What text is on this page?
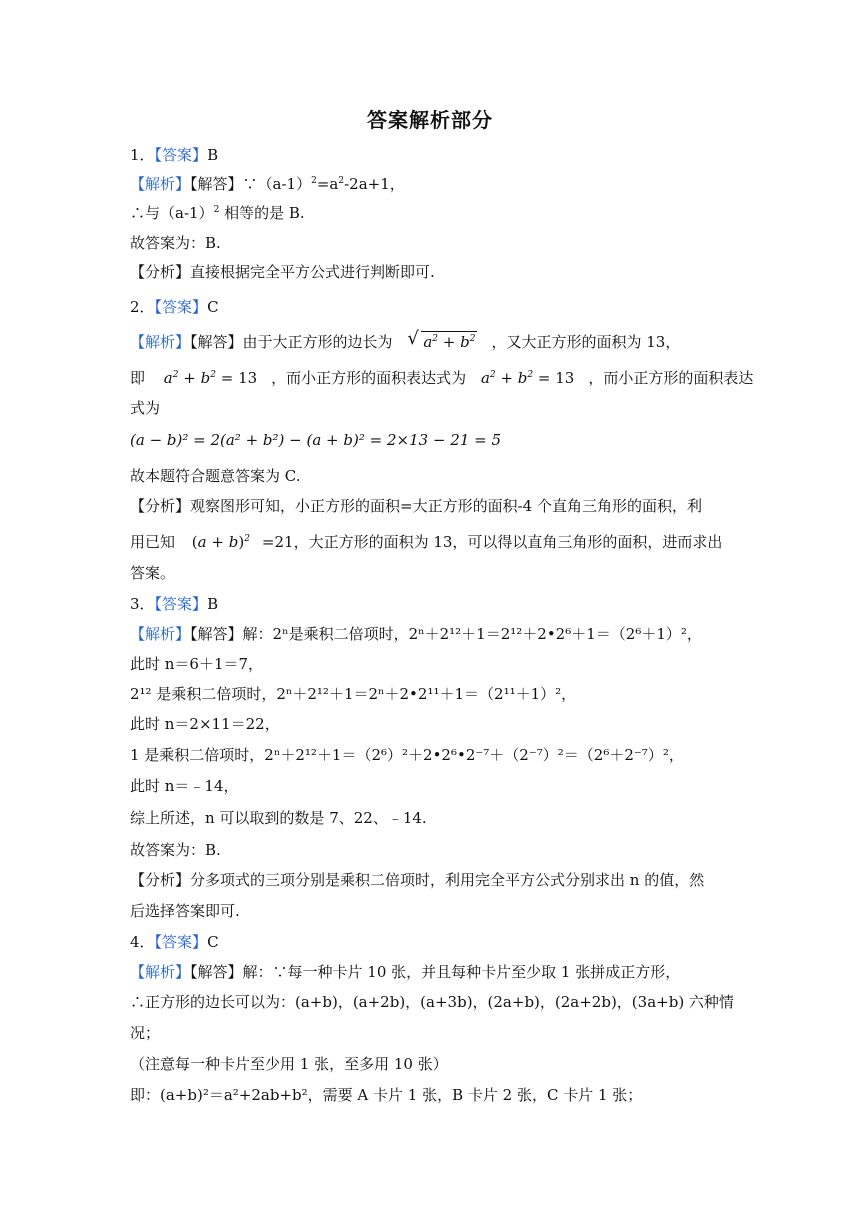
答案解析部分
1．【答案】B
【解析】【解答】$\because(a-1)^2=a^2-2a+1$，
∴与$(a-1)^2$ 相等的是 B.
故答案为：B.
【分析】直接根据完全平方公式进行判断即可.
2．【答案】C
【解析】【解答】由于大正方形的边长为 √ $a^2 + b^2$ ，又大正方形的面积为 13，
即 $a^2 + b^2 = 13$ ，而小正方形的面积表达式为 $a^2 + b^2 = 13$ ，而小正方形的面积表达
式为
(a − b)² = 2(a² + b²) − (a + b)² = 2×13 − 21 = 5
故本题符合题意答案为 C.
【分析】观察图形可知，小正方形的面积=大正方形的面积-4 个直角三角形的面积，利
用已知 $(a + b)^2 =21$，大正方形的面积为 13，可以得以直角三角形的面积，进而求出
答案。
3．【答案】B
【解析】【解答】解：2ⁿ是乘积二倍项时，2ⁿ＋2¹²＋1＝2¹²＋2•2⁶＋1＝（2⁶＋1）²，
此时 n＝6＋1＝7，
2¹² 是乘积二倍项时，2ⁿ＋2¹²＋1＝2ⁿ＋2•2¹¹＋1＝（2¹¹＋1）²，
此时 n＝2×11＝22，
1 是乘积二倍项时，2ⁿ＋2¹²＋1＝（2⁶）²＋2•2⁶•2⁻⁷＋（2⁻⁷）²＝（2⁶＋2⁻⁷）²，
此时 n＝﹣14，
综上所述，n 可以取到的数是 7、22、﹣14.
故答案为：B.
【分析】分多项式的三项分别是乘积二倍项时，利用完全平方公式分别求出 n 的值，然
后选择答案即可.
4．【答案】C
【解析】【解答】解：∵每一种卡片 10 张，并且每种卡片至少取 1 张拼成正方形，
∴正方形的边长可以为：(a+b)，(a+2b)，(a+3b)，(2a+b)，(2a+2b)，(3a+b) 六种情
况；
（注意每一种卡片至少用 1 张，至多用 10 张）
即：(a+b)²＝a²+2ab+b²，需要 A 卡片 1 张，B 卡片 2 张，C 卡片 1 张；
